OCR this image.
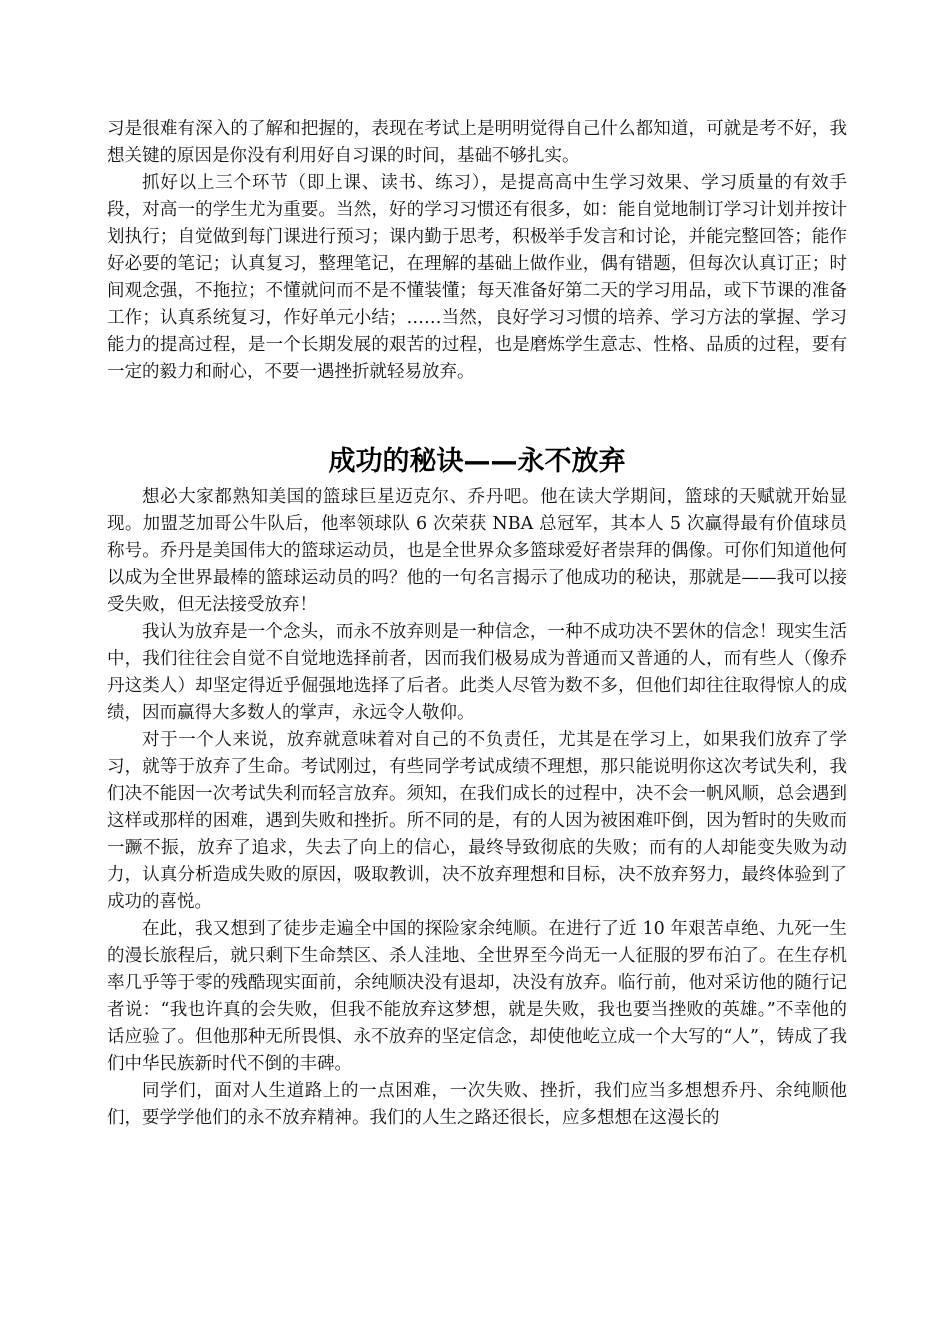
习是很难有深入的了解和把握的，表现在考试上是明明觉得自己什么都知道，可就是考不好，我想关键的原因是你没有利用好自习课的时间，基础不够扎实。

抓好以上三个环节（即上课、读书、练习），是提高高中生学习效果、学习质量的有效手段，对高一的学生尤为重要。当然，好的学习习惯还有很多，如：能自觉地制订学习计划并按计划执行；自觉做到每门课进行预习；课内勤于思考，积极举手发言和讨论，并能完整回答；能作好必要的笔记；认真复习，整理笔记，在理解的基础上做作业，偶有错题，但每次认真订正；时间观念强，不拖拉；不懂就问而不是不懂装懂；每天准备好第二天的学习用品，或下节课的准备工作；认真系统复习，作好单元小结；……当然，良好学习习惯的培养、学习方法的掌握、学习能力的提高过程，是一个长期发展的艰苦的过程，也是磨炼学生意志、性格、品质的过程，要有一定的毅力和耐心，不要一遇挫折就轻易放弃。

成功的秘诀——永不放弃

想必大家都熟知美国的篮球巨星迈克尔、乔丹吧。他在读大学期间，篮球的天赋就开始显现。加盟芝加哥公牛队后，他率领球队 6 次荣获 NBA 总冠军，其本人 5 次赢得最有价值球员称号。乔丹是美国伟大的篮球运动员，也是全世界众多篮球爱好者崇拜的偶像。可你们知道他何以成为全世界最棒的篮球运动员的吗？他的一句名言揭示了他成功的秘诀，那就是——我可以接受失败，但无法接受放弃！

我认为放弃是一个念头，而永不放弃则是一种信念，一种不成功决不罢休的信念！现实生活中，我们往往会自觉不自觉地选择前者，因而我们极易成为普通而又普通的人，而有些人（像乔丹这类人）却坚定得近乎倔强地选择了后者。此类人尽管为数不多，但他们却往往取得惊人的成绩，因而赢得大多数人的掌声，永远令人敬仰。

对于一个人来说，放弃就意味着对自己的不负责任，尤其是在学习上，如果我们放弃了学习，就等于放弃了生命。考试刚过，有些同学考试成绩不理想，那只能说明你这次考试失利，我们决不能因一次考试失利而轻言放弃。须知，在我们成长的过程中，决不会一帆风顺，总会遇到这样或那样的困难，遇到失败和挫折。所不同的是，有的人因为被困难吓倒，因为暂时的失败而一蹶不振，放弃了追求，失去了向上的信心，最终导致彻底的失败；而有的人却能变失败为动力，认真分析造成失败的原因，吸取教训，决不放弃理想和目标，决不放弃努力，最终体验到了成功的喜悦。

在此，我又想到了徒步走遍全中国的探险家余纯顺。在进行了近 10 年艰苦卓绝、九死一生的漫长旅程后，就只剩下生命禁区、杀人洼地、全世界至今尚无一人征服的罗布泊了。在生存机率几乎等于零的残酷现实面前，余纯顺决没有退却，决没有放弃。临行前，他对采访他的随行记者说：“我也许真的会失败，但我不能放弃这梦想，就是失败，我也要当挫败的英雄。”不幸他的话应验了。但他那种无所畏惧、永不放弃的坚定信念，却使他屹立成一个大写的“人”，铸成了我们中华民族新时代不倒的丰碑。

同学们，面对人生道路上的一点困难，一次失败、挫折，我们应当多想想乔丹、余纯顺他们，要学学他们的永不放弃精神。我们的人生之路还很长，应多想想在这漫长的
